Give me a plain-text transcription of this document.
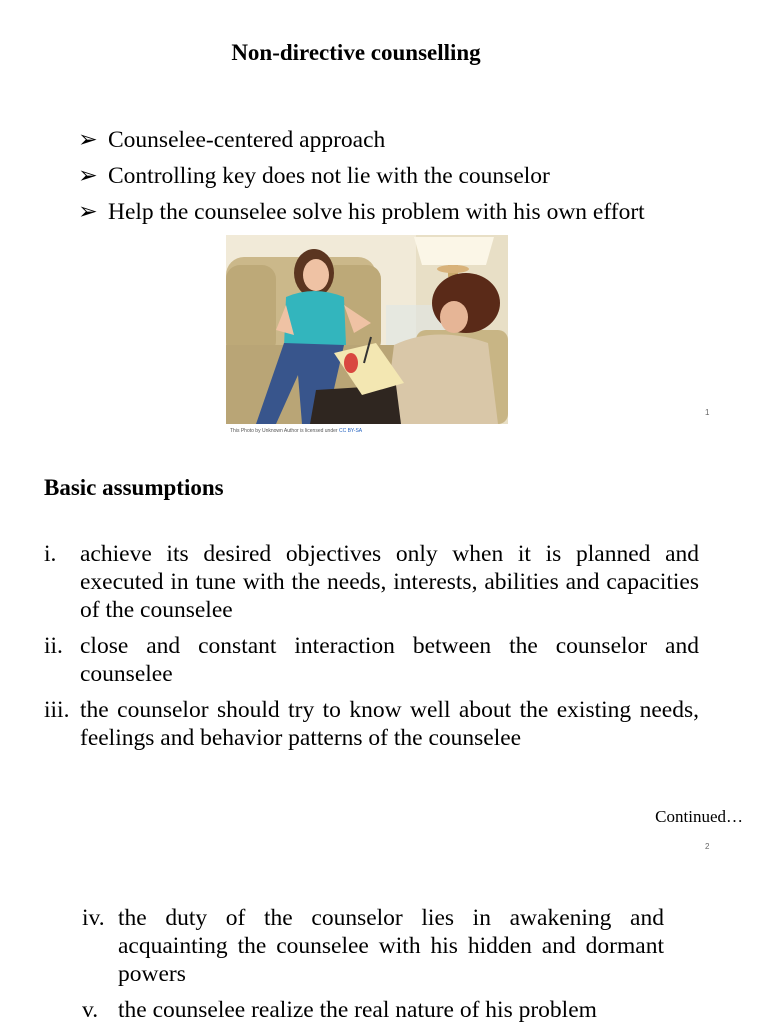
Non-directive counselling
➢ Counselee-centered approach
➢ Controlling key does not lie with the counselor
➢ Help the counselee solve his problem with his own effort
This Photo by Unknown Author is licensed under CC BY-SA
1
Basic assumptions
i. achieve its desired objectives only when it is planned and executed in tune with the needs, interests, abilities and capacities of the counselee
ii. close and constant interaction between the counselor and counselee
iii. the counselor should try to know well about the existing needs, feelings and behavior patterns of the counselee
Continued…
2
iv. the duty of the counselor lies in awakening and acquainting the counselee with his hidden and dormant powers
v. the counselee realize the real nature of his problem
